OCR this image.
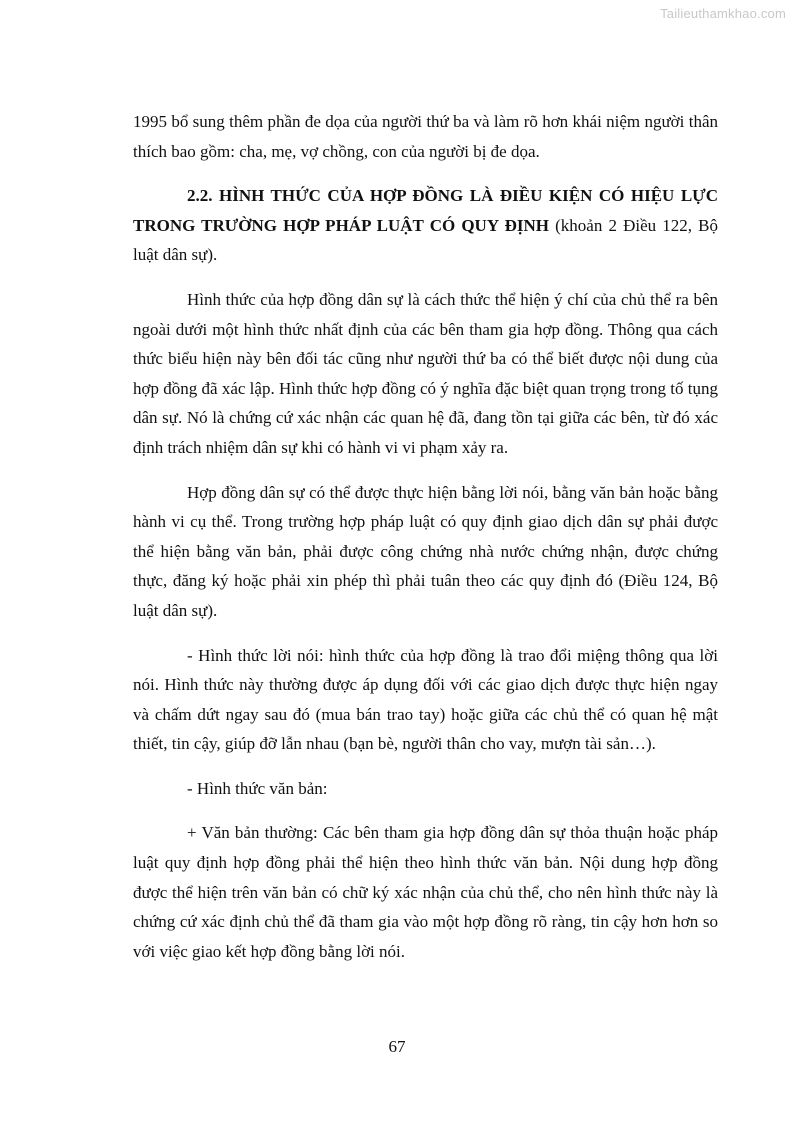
Tailieuthamkhao.com

1995 bổ sung thêm phần đe dọa của người thứ ba và làm rõ hơn khái niệm người thân thích bao gồm: cha, mẹ, vợ chồng, con của người bị đe dọa.

2.2. HÌNH THỨC CỦA HỢP ĐỒNG LÀ ĐIỀU KIỆN CÓ HIỆU LỰC TRONG TRƯỜNG HỢP PHÁP LUẬT CÓ QUY ĐỊNH (khoản 2 Điều 122, Bộ luật dân sự).

Hình thức của hợp đồng dân sự là cách thức thể hiện ý chí của chủ thể ra bên ngoài dưới một hình thức nhất định của các bên tham gia hợp đồng. Thông qua cách thức biểu hiện này bên đối tác cũng như người thứ ba có thể biết được nội dung của hợp đồng đã xác lập. Hình thức hợp đồng có ý nghĩa đặc biệt quan trọng trong tố tụng dân sự. Nó là chứng cứ xác nhận các quan hệ đã, đang tồn tại giữa các bên, từ đó xác định trách nhiệm dân sự khi có hành vi vi phạm xảy ra.

Hợp đồng dân sự có thể được thực hiện bằng lời nói, bằng văn bản hoặc bằng hành vi cụ thể. Trong trường hợp pháp luật có quy định giao dịch dân sự phải được thể hiện bằng văn bản, phải được công chứng nhà nước chứng nhận, được chứng thực, đăng ký hoặc phải xin phép thì phải tuân theo các quy định đó (Điều 124, Bộ luật dân sự).

- Hình thức lời nói: hình thức của hợp đồng là trao đổi miệng thông qua lời nói. Hình thức này thường được áp dụng đối với các giao dịch được thực hiện ngay và chấm dứt ngay sau đó (mua bán trao tay) hoặc giữa các chủ thể có quan hệ mật thiết, tin cậy, giúp đỡ lẫn nhau (bạn bè, người thân cho vay, mượn tài sản…).

- Hình thức văn bản:

+ Văn bản thường: Các bên tham gia hợp đồng dân sự thỏa thuận hoặc pháp luật quy định hợp đồng phải thể hiện theo hình thức văn bản. Nội dung hợp đồng được thể hiện trên văn bản có chữ ký xác nhận của chủ thể, cho nên hình thức này là chứng cứ xác định chủ thể đã tham gia vào một hợp đồng rõ ràng, tin cậy hơn hơn so với việc giao kết hợp đồng bằng lời nói.

67
